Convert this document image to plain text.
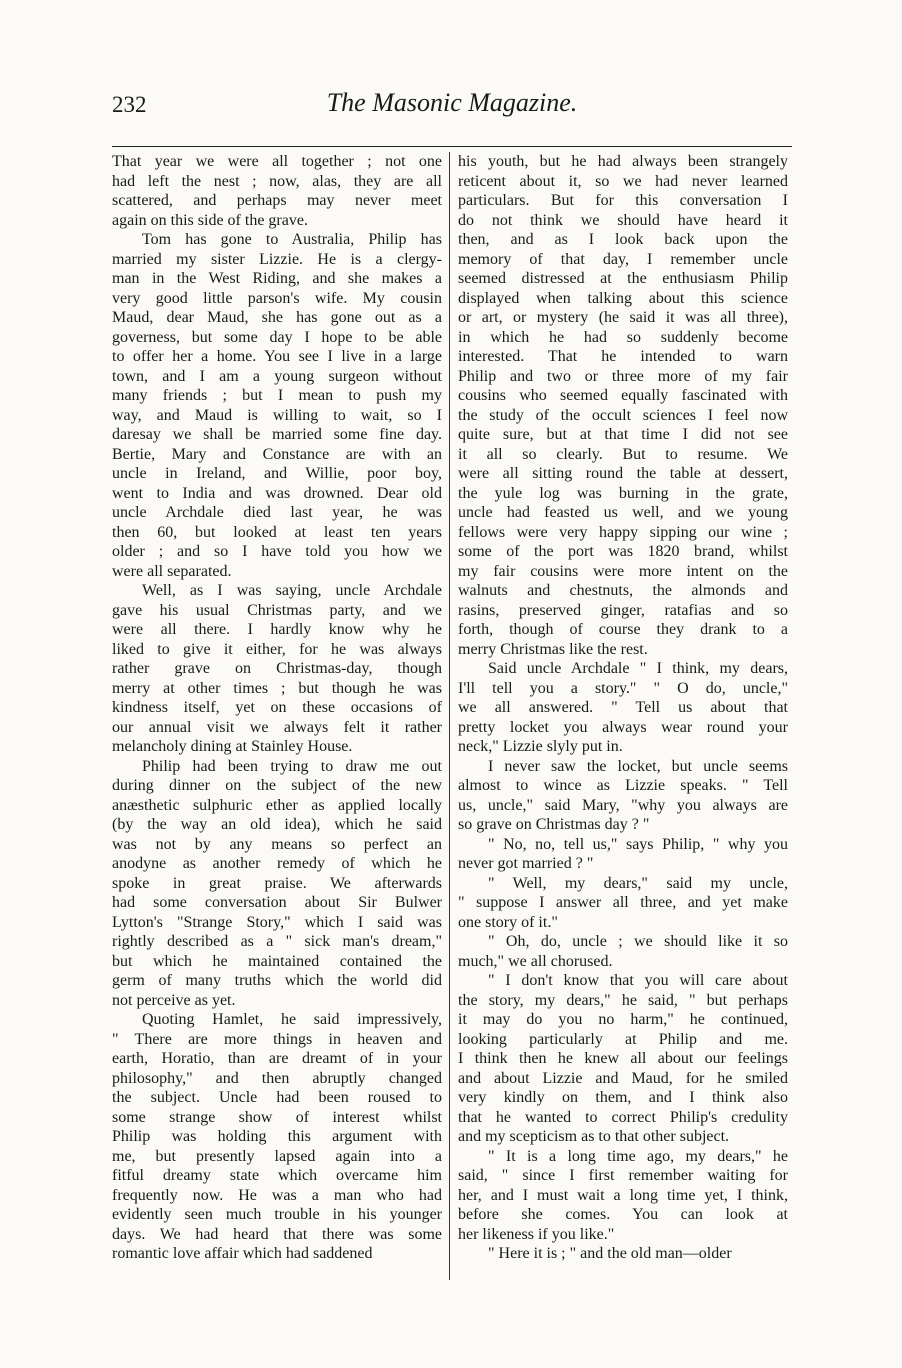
232	The Masonic Magazine.
That year we were all together ; not one
had left the nest ; now, alas, they are all
scattered, and perhaps may never meet
again on this side of the grave.
Tom has gone to Australia, Philip has
married my sister Lizzie. He is a clergy-
man in the West Riding, and she makes a
very good little parson's wife. My cousin
Maud, dear Maud, she has gone out as a
governess, but some day I hope to be able
to offer her a home. You see I live in a large
town, and I am a young surgeon without
many friends ; but I mean to push my
way, and Maud is willing to wait, so I
daresay we shall be married some fine day.
Bertie, Mary and Constance are with an
uncle in Ireland, and Willie, poor boy,
went to India and was drowned. Dear old
uncle Archdale died last year, he was
then 60, but looked at least ten years
older ; and so I have told you how we
were all separated.
Well, as I was saying, uncle Archdale
gave his usual Christmas party, and we
were all there. I hardly know why he
liked to give it either, for he was always
rather grave on Christmas-day, though
merry at other times ; but though he was
kindness itself, yet on these occasions of
our annual visit we always felt it rather
melancholy dining at Stainley House.
Philip had been trying to draw me out
during dinner on the subject of the new
anæsthetic sulphuric ether as applied locally
(by the way an old idea), which he said
was not by any means so perfect an
anodyne as another remedy of which he
spoke in great praise. We afterwards
had some conversation about Sir Bulwer
Lytton's "Strange Story," which I said was
rightly described as a " sick man's dream,"
but which he maintained contained the
germ of many truths which the world did
not perceive as yet.
Quoting Hamlet, he said impressively,
" There are more things in heaven and
earth, Horatio, than are dreamt of in your
philosophy," and then abruptly changed
the subject. Uncle had been roused to
some strange show of interest whilst
Philip was holding this argument with
me, but presently lapsed again into a
fitful dreamy state which overcame him
frequently now. He was a man who had
evidently seen much trouble in his younger
days. We had heard that there was some
romantic love affair which had saddened
his youth, but he had always been strangely
reticent about it, so we had never learned
particulars. But for this conversation I
do not think we should have heard it
then, and as I look back upon the
memory of that day, I remember uncle
seemed distressed at the enthusiasm Philip
displayed when talking about this science
or art, or mystery (he said it was all three),
in which he had so suddenly become
interested. That he intended to warn
Philip and two or three more of my fair
cousins who seemed equally fascinated with
the study of the occult sciences I feel now
quite sure, but at that time I did not see
it all so clearly. But to resume. We
were all sitting round the table at dessert,
the yule log was burning in the grate,
uncle had feasted us well, and we young
fellows were very happy sipping our wine ;
some of the port was 1820 brand, whilst
my fair cousins were more intent on the
walnuts and chestnuts, the almonds and
rasins, preserved ginger, ratafias and so
forth, though of course they drank to a
merry Christmas like the rest.
Said uncle Archdale " I think, my dears,
I'll tell you a story." " O do, uncle,"
we all answered. " Tell us about that
pretty locket you always wear round your
neck," Lizzie slyly put in.
I never saw the locket, but uncle seems
almost to wince as Lizzie speaks. " Tell
us, uncle," said Mary, "why you always are
so grave on Christmas day ? "
" No, no, tell us," says Philip, " why you
never got married ? "
" Well, my dears," said my uncle,
" suppose I answer all three, and yet make
one story of it."
" Oh, do, uncle ; we should like it so
much," we all chorused.
" I don't know that you will care about
the story, my dears," he said, " but perhaps
it may do you no harm," he continued,
looking particularly at Philip and me.
I think then he knew all about our feelings
and about Lizzie and Maud, for he smiled
very kindly on them, and I think also
that he wanted to correct Philip's credulity
and my scepticism as to that other subject.
" It is a long time ago, my dears," he
said, " since I first remember waiting for
her, and I must wait a long time yet, I think,
before she comes. You can look at
her likeness if you like."
" Here it is ; " and the old man—older
